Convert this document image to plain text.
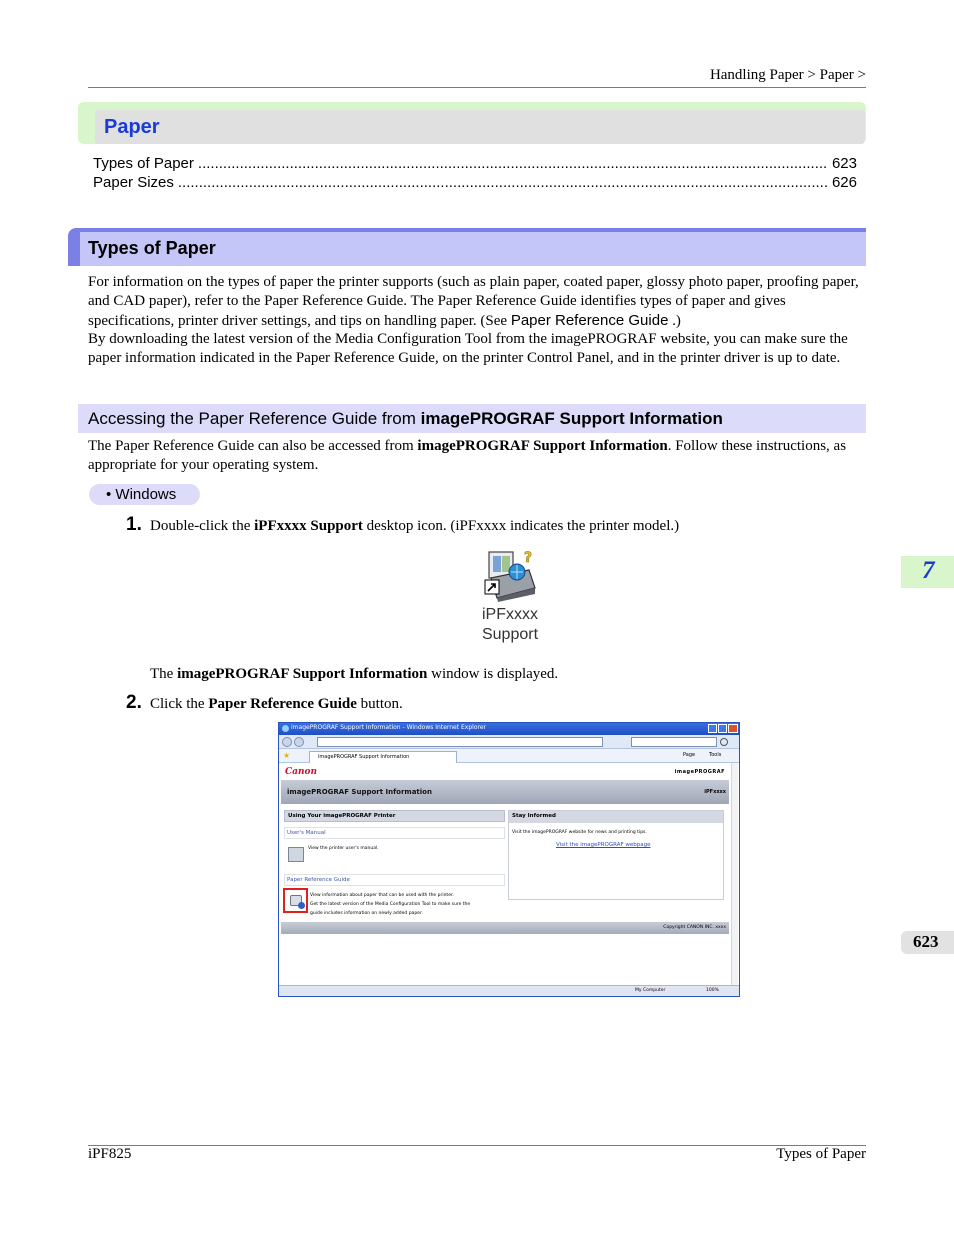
Handling Paper > Paper >
Paper
Types of Paper .....	623
Paper Sizes .....	626
Types of Paper
For information on the types of paper the printer supports (such as plain paper, coated paper, glossy photo paper, proofing paper, and CAD paper), refer to the Paper Reference Guide. The Paper Reference Guide identifies types of paper and gives specifications, printer driver settings, and tips on handling paper. (See Paper Reference Guide .)
By downloading the latest version of the Media Configuration Tool from the imagePROGRAF website, you can make sure the paper information indicated in the Paper Reference Guide, on the printer Control Panel, and in the printer driver is up to date.
Accessing the Paper Reference Guide from imagePROGRAF Support Information
The Paper Reference Guide can also be accessed from imagePROGRAF Support Information. Follow these instructions, as appropriate for your operating system.
• Windows
1. Double-click the iPFxxxx Support desktop icon. (iPFxxxx indicates the printer model.)
?
iPFxxxx
Support
The imagePROGRAF Support Information window is displayed.
2. Click the Paper Reference Guide button.
imagePROGRAF Support Information - Windows Internet Explorer
★	imagePROGRAF Support Information	Page	Tools
Canon	imagePROGRAF
imagePROGRAF Support Information	iPFxxxx
Using Your imagePROGRAF Printer
User's Manual
View the printer user's manual.
Paper Reference Guide
View information about paper that can be used with the printer.
Get the latest version of the Media Configuration Tool to make sure the
guide includes information on newly added paper.
Stay Informed
Visit the imagePROGRAF website for news and printing tips.
Visit the imagePROGRAF webpage
Copyright CANON INC. xxxx
My Computer	100%
7
623
iPF825	Types of Paper
